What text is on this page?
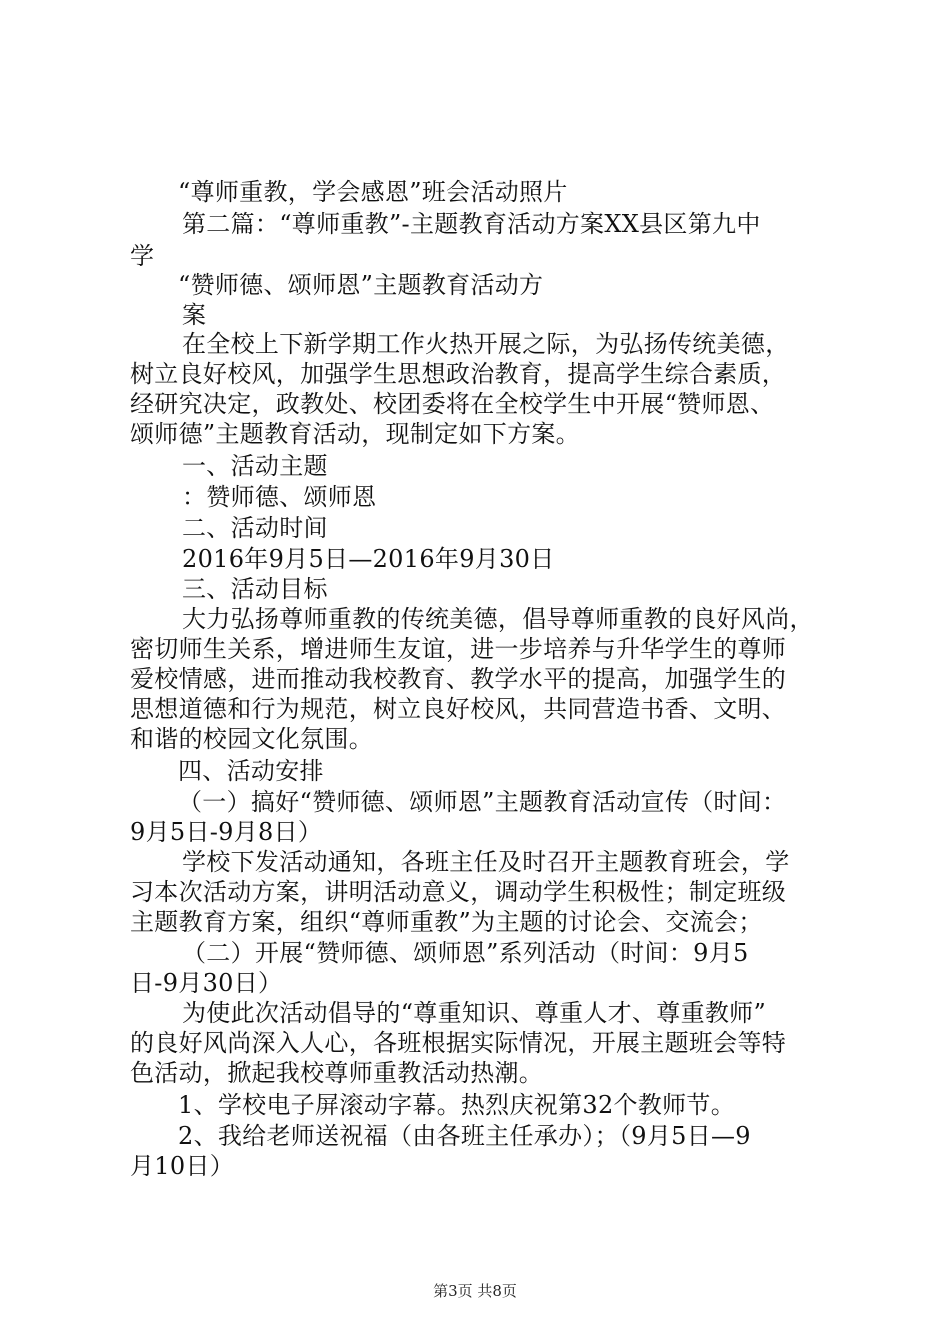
“尊师重教，学会感恩”班会活动照片
第二篇：“尊师重教”-主题教育活动方案XX县区第九中
学
“赞师德、颂师恩”主题教育活动方
案
在全校上下新学期工作火热开展之际，为弘扬传统美德，
树立良好校风，加强学生思想政治教育，提高学生综合素质，
经研究决定，政教处、校团委将在全校学生中开展“赞师恩、
颂师德”主题教育活动，现制定如下方案。
一、活动主题
：赞师德、颂师恩
二、活动时间
2016年9月5日—2016年9月30日
三、活动目标
大力弘扬尊师重教的传统美德，倡导尊师重教的良好风尚，
密切师生关系，增进师生友谊，进一步培养与升华学生的尊师
爱校情感，进而推动我校教育、教学水平的提高，加强学生的
思想道德和行为规范，树立良好校风，共同营造书香、文明、
和谐的校园文化氛围。
四、活动安排
（一）搞好“赞师德、颂师恩”主题教育活动宣传（时间：
9月5日-9月8日）
学校下发活动通知，各班主任及时召开主题教育班会，学
习本次活动方案，讲明活动意义，调动学生积极性；制定班级
主题教育方案，组织“尊师重教”为主题的讨论会、交流会；
（二）开展“赞师德、颂师恩”系列活动（时间：9月5
日-9月30日）
为使此次活动倡导的“尊重知识、尊重人才、尊重教师”
的良好风尚深入人心，各班根据实际情况，开展主题班会等特
色活动，掀起我校尊师重教活动热潮。
1、学校电子屏滚动字幕。热烈庆祝第32个教师节。
2、我给老师送祝福（由各班主任承办）；（9月5日—9
月10日）
第3页 共8页
